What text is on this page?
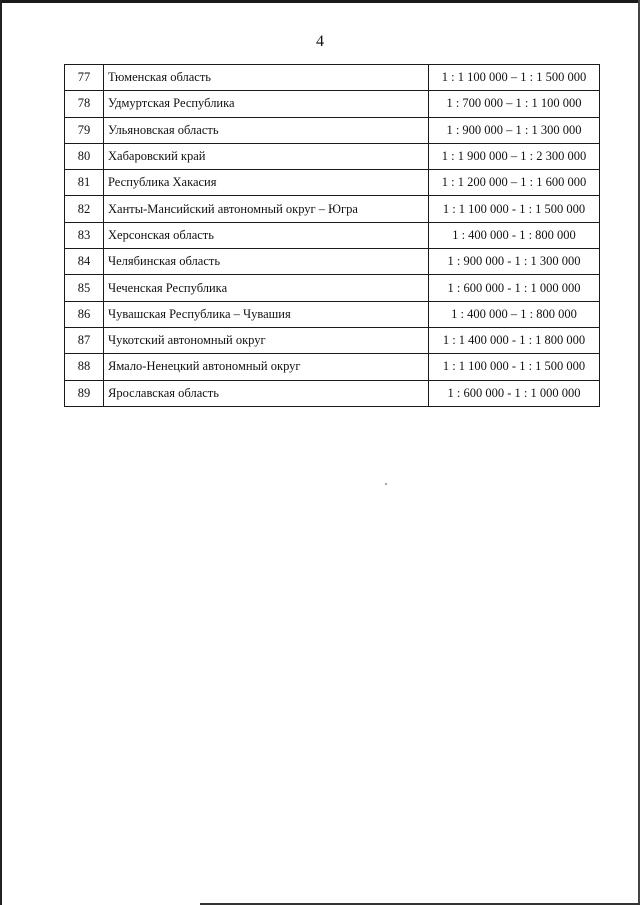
4
77	Тюменская область	1 : 1 100 000 – 1 : 1 500 000
78	Удмуртская Республика	1 : 700 000 – 1 : 1 100 000
79	Ульяновская область	1 : 900 000 – 1 : 1 300 000
80	Хабаровский край	1 : 1 900 000 – 1 : 2 300 000
81	Республика Хакасия	1 : 1 200 000 – 1 : 1 600 000
82	Ханты-Мансийский автономный округ – Югра	1 : 1 100 000 - 1 : 1 500 000
83	Херсонская область	1 : 400 000 - 1 : 800 000
84	Челябинская область	1 : 900 000 - 1 : 1 300 000
85	Чеченская Республика	1 : 600 000 - 1 : 1 000 000
86	Чувашская Республика – Чувашия	1 : 400 000 – 1 : 800 000
87	Чукотский автономный округ	1 : 1 400 000 - 1 : 1 800 000
88	Ямало-Ненецкий автономный округ	1 : 1 100 000 - 1 : 1 500 000
89	Ярославская область	1 : 600 000 - 1 : 1 000 000
